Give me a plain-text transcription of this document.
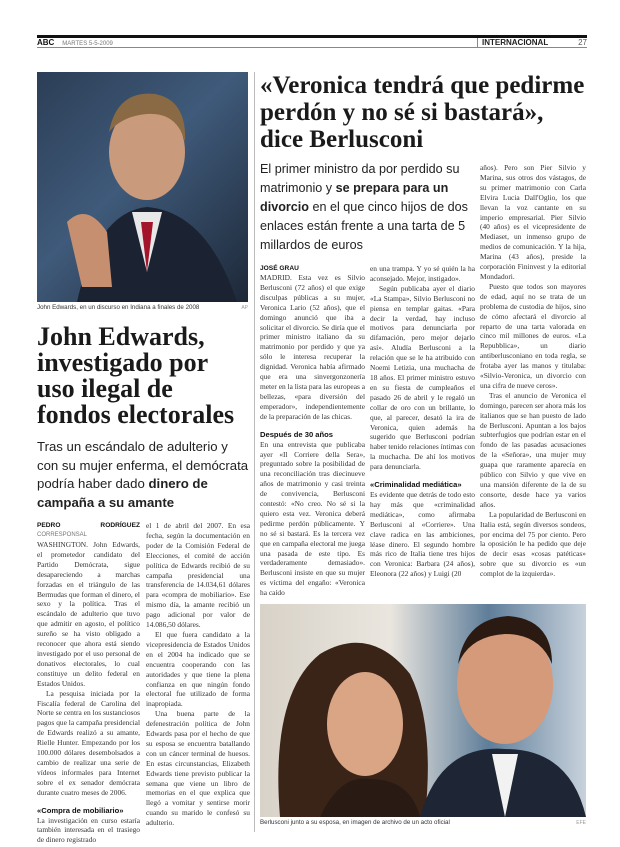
ABC MARTES 5-5-2009	INTERNACIONAL	27
AP
John Edwards, en un discurso en Indiana a finales de 2008
John Edwards, investigado por uso ilegal de fondos electorales
Tras un escándalo de adulterio y con su mujer enferma, el demócrata podría haber dado dinero de campaña a su amante
PEDRO RODRÍGUEZ CORRESPONSAL

WASHINGTON. John Edwards, el prometedor candidato del Partido Demócrata, sigue desapareciendo a marchas forzadas en el triángulo de las Bermudas que forman el dinero, el sexo y la política. Tras el escándalo de adulterio que tuvo que admitir en agosto, el político sureño se ha visto obligado a reconocer que ahora está siendo investigado por el uso personal de donativos electorales, lo cual constituye un delito federal en Estados Unidos.

La pesquisa iniciada por la Fiscalía federal de Carolina del Norte se centra en los sustanciosos pagos que la campaña presidencial de Edwards realizó a su amante, Rielle Hunter. Empezando por los 100.000 dólares desembolsados a cambio de realizar una serie de vídeos informales para Internet sobre el ex senador demócrata durante cuatro meses de 2006.

«Compra de mobiliario»

La investigación en curso estaría también interesada en el trasiego de dinero registrado

el 1 de abril del 2007. En esa fecha, según la documentación en poder de la Comisión Federal de Elecciones, el comité de acción política de Edwards recibió de su campaña presidencial una transferencia de 14.034,61 dólares para «compra de mobiliario». Ese mismo día, la amante recibió un pago adicional por valor de 14.086,50 dólares.

El que fuera candidato a la vicepresidencia de Estados Unidos en el 2004 ha indicado que se encuentra cooperando con las autoridades y que tiene la plena confianza en que ningún fondo electoral fue utilizado de forma inapropiada.

Una buena parte de la defenestración política de John Edwards pasa por el hecho de que su esposa se encuentra batallando con un cáncer terminal de huesos. En estas circunstancias, Elizabeth Edwards tiene previsto publicar la semana que viene un libro de memorias en el que explica que llegó a vomitar y sentirse morir cuando su marido le confesó su adulterio.

«Veronica tendrá que pedirme perdón y no sé si bastará», dice Berlusconi
El primer ministro da por perdido su matrimonio y se prepara para un divorcio en el que cinco hijos de dos enlaces están frente a una tarta de 5 millardos de euros
JOSÉ GRAU

MADRID. Esta vez es Silvio Berlusconi (72 años) el que exige disculpas públicas a su mujer, Veronica Lario (52 años), que el domingo anunció que iba a solicitar el divorcio. Se diría que el primer ministro italiano da su matrimonio por perdido y que ya sólo le interesa recuperar la dignidad. Veronica había afirmado que era una sinvergonzonería meter en la lista para las europeas a bellezas, «para diversión del emperador», independientemente de la preparación de las chicas.

Después de 30 años

En una entrevista que publicaba ayer «Il Corriere della Sera», preguntado sobre la posibilidad de una reconciliación tras diecinueve años de matrimonio y casi treinta de convivencia, Berlusconi contestó: «No creo. No sé si la quiero esta vez. Veronica deberá pedirme perdón públicamente. Y no sé si bastará. Es la tercera vez que en campaña electoral me juega una pasada de este tipo. Es verdaderamente demasiado». Berlusconi insiste en que su mujer es víctima del engaño: «Veronica ha caído

en una trampa. Y yo sé quién la ha aconsejado. Mejor, instigado».

Según publicaba ayer el diario «La Stampa», Silvio Berlusconi no piensa en templar gaitas. «Para decir la verdad, hay incluso motivos para denunciarla por difamación, pero mejor dejarlo así». Aludía Berlusconi a la relación que se le ha atribuido con Noemi Letizia, una muchacha de 18 años. El primer ministro estuvo en su fiesta de cumpleaños el pasado 26 de abril y le regaló un collar de oro con un brillante, lo que, al parecer, desató la ira de Veronica, quien además ha sugerido que Berlusconi podrían haber tenido relaciones íntimas con la muchacha. De ahí los motivos para denunciarla.

«Criminalidad mediática»

Es evidente que detrás de todo esto hay más que «criminalidad mediática», como afirmaba Berlusconi al «Corriere». Una clave radica en las ambiciones, léase dinero. El segundo hombre más rico de Italia tiene tres hijos con Veronica: Barbara (24 años), Eleonora (22 años) y Luigi (20

años). Pero son Pier Silvio y Marina, sus otros dos vástagos, de su primer matrimonio con Carla Elvira Lucia Dall'Oglio, los que llevan la voz cantante en su imperio empresarial. Pier Silvio (40 años) es el vicepresidente de Mediaset, un inmenso grupo de medios de comunicación. Y la hija, Marina (43 años), preside la corporación Fininvest y la editorial Mondadori.

Puesto que todos son mayores de edad, aquí no se trata de un problema de custodia de hijos, sino de cómo afectará el divorcio al reparto de una tarta valorada en cinco mil millones de euros. «La Repubblica», un diario antiberlusconiano en toda regla, se frotaba ayer las manos y titulaba: «Silvio-Veronica, un divorcio con una cifra de nueve ceros».

Tras el anuncio de Veronica el domingo, parecen ser ahora más los italianos que se han puesto de lado de Berlusconi. Apuntan a los bajos subterfugios que podrían estar en el fondo de las pasadas acusaciones de la «Señora», una mujer muy guapa que raramente aparecía en público con Silvio y que vive en una mansión diferente de la de su consorte, desde hace ya varios años.

La popularidad de Berlusconi en Italia está, según diversos sondeos, por encima del 75 por ciento. Pero la oposición le ha pedido que deje de decir esas «cosas patéticas» sobre que su divorcio es «un complot de la izquierda».

EFE
Berlusconi junto a su esposa, en imagen de archivo de un acto oficial
